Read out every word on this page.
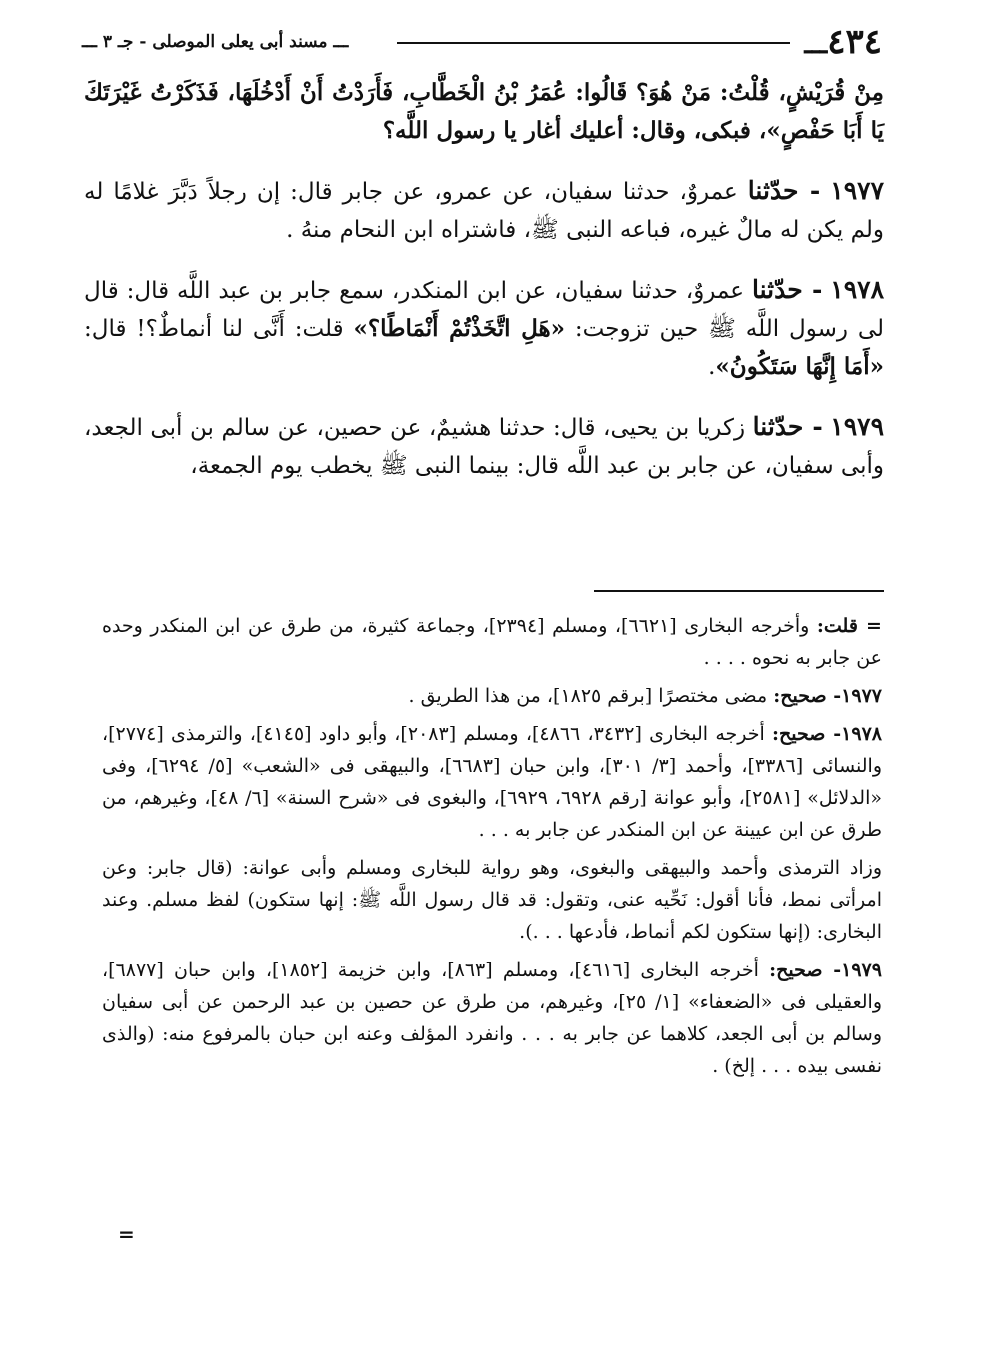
٤٣٤ـــ
ـــ مسند أبى يعلى الموصلى - جـ ٣ ـــ

مِنْ قُرَيْشٍ، قُلْتُ: مَنْ هُوَ؟ قَالُوا: عُمَرُ بْنُ الْخَطَّابِ، فَأَرَدْتُ أَنْ أَدْخُلَهَا، فَذَكَرْتُ غَيْرَتَكَ يَا أَبَا حَفْصٍ»، فبكى، وقال: أعليك أغار يا رسول اللَّه؟

١٩٧٧ - حدّثنا عمروٌ، حدثنا سفيان، عن عمرو، عن جابر قال: إن رجلاً دَبَّرَ غلامًا له ولم يكن له مالٌ غيره، فباعه النبى ﷺ، فاشتراه ابن النحام منهُ .

١٩٧٨ - حدّثنا عمروٌ، حدثنا سفيان، عن ابن المنكدر، سمع جابر بن عبد اللَّه قال: قال لى رسول اللَّه ﷺ حين تزوجت: «هَلِ اتَّخَذْتُمْ أَنْمَاطًا؟» قلت: أَنَّى لنا أنماطٌ؟! قال: «أَمَا إِنَّهَا سَتَكُونُ».

١٩٧٩ - حدّثنا زكريا بن يحيى، قال: حدثنا هشيمٌ، عن حصين، عن سالم بن أبى الجعد، وأبى سفيان، عن جابر بن عبد اللَّه قال: بينما النبى ﷺ يخطب يوم الجمعة،

= قلت: وأخرجه البخارى [٦٦٢١]، ومسلم [٢٣٩٤]، وجماعة كثيرة، من طرق عن ابن المنكدر وحده عن جابر به نحوه . . . .

١٩٧٧- صحيح: مضى مختصرًا [برقم ١٨٢٥]، من هذا الطريق .

١٩٧٨- صحيح: أخرجه البخارى [٣٤٣٢، ٤٨٦٦]، ومسلم [٢٠٨٣]، وأبو داود [٤١٤٥]، والترمذى [٢٧٧٤]، والنسائى [٣٣٨٦]، وأحمد [٣/ ٣٠١]، وابن حبان [٦٦٨٣]، والبيهقى فى «الشعب» [٥/ ٦٢٩٤]، وفى «الدلائل» [٢٥٨١]، وأبو عوانة [رقم ٦٩٢٨، ٦٩٢٩]، والبغوى فى «شرح السنة» [٦/ ٤٨]، وغيرهم، من طرق عن ابن عيينة عن ابن المنكدر عن جابر به . . .

وزاد الترمذى وأحمد والبيهقى والبغوى، وهو رواية للبخارى ومسلم وأبى عوانة: (قال جابر: وعن امرأتى نمط، فأنا أقول: نَحِّيه عنى، وتقول: قد قال رسول اللَّه ﷺ: إنها ستكون) لفظ مسلم. وعند البخارى: (إنها ستكون لكم أنماط، فأدعها . . .).

١٩٧٩- صحيح: أخرجه البخارى [٤٦١٦]، ومسلم [٨٦٣]، وابن خزيمة [١٨٥٢]، وابن حبان [٦٨٧٧]، والعقيلى فى «الضعفاء» [١/ ٢٥]، وغيرهم، من طرق عن حصين بن عبد الرحمن عن أبى سفيان وسالم بن أبى الجعد، كلاهما عن جابر به . . . وانفرد المؤلف وعنه ابن حبان بالمرفوع منه: (والذى نفسى بيده . . . إلخ) .

=
